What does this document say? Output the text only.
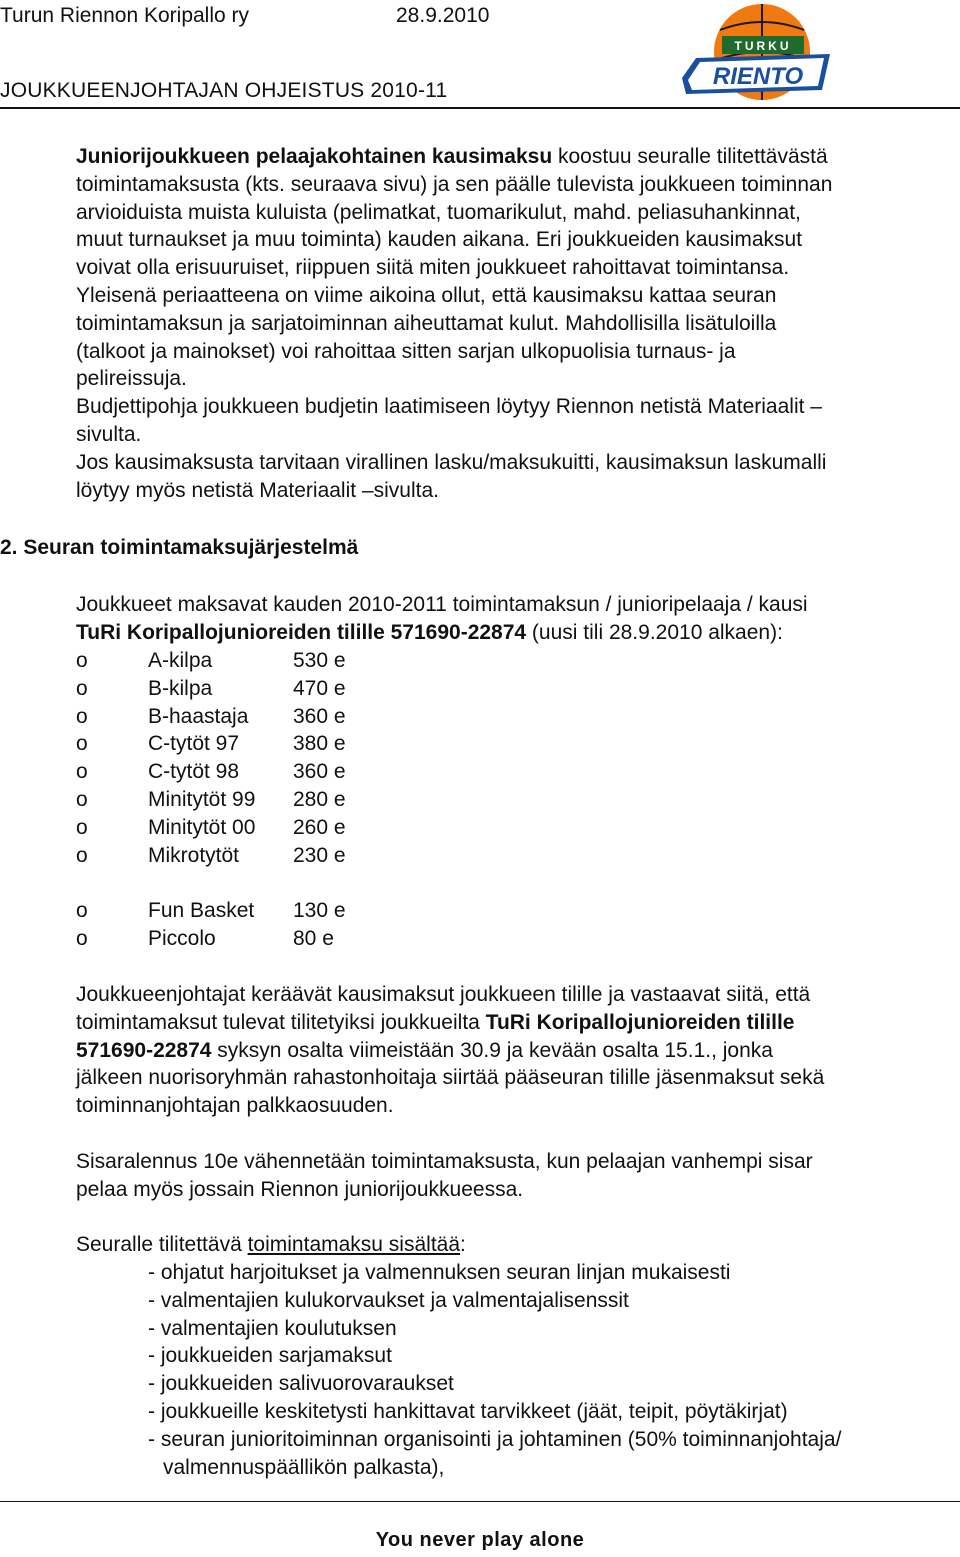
Turun Riennon Koripallo ry	28.9.2010
JOUKKUEENJOHTAJAN OHJEISTUS 2010-11
TURKU
RIENTO
Juniorijoukkueen pelaajakohtainen kausimaksu koostuu seuralle tilitettävästä
toimintamaksusta (kts. seuraava sivu) ja sen päälle tulevista joukkueen toiminnan
arvioiduista muista kuluista (pelimatkat, tuomarikulut, mahd. peliasuhankinnat,
muut turnaukset ja muu toiminta) kauden aikana. Eri joukkueiden kausimaksut
voivat olla erisuuruiset, riippuen siitä miten joukkueet rahoittavat toimintansa.
Yleisenä periaatteena on viime aikoina ollut, että kausimaksu kattaa seuran
toimintamaksun ja sarjatoiminnan aiheuttamat kulut. Mahdollisilla lisätuloilla
(talkoot ja mainokset) voi rahoittaa sitten sarjan ulkopuolisia turnaus- ja
pelireissuja.
Budjettipohja joukkueen budjetin laatimiseen löytyy Riennon netistä Materiaalit –
sivulta.
Jos kausimaksusta tarvitaan virallinen lasku/maksukuitti, kausimaksun laskumalli
löytyy myös netistä Materiaalit –sivulta.
2. Seuran toimintamaksujärjestelmä
Joukkueet maksavat kauden 2010-2011 toimintamaksun / junioripelaaja / kausi
TuRi Koripallojunioreiden tilille 571690-22874 (uusi tili 28.9.2010 alkaen):
o	A-kilpa	530 e
o	B-kilpa	470 e
o	B-haastaja 360 e
o	C-tytöt 97	380 e
o	C-tytöt 98	360 e
o	Minitytöt 99 280 e
o	Minitytöt 00 260 e
o	Mikrotytöt	230 e
o	Fun Basket 130 e
o	Piccolo	80 e
Joukkueenjohtajat keräävät kausimaksut joukkueen tilille ja vastaavat siitä, että
toimintamaksut tulevat tilitetyiksi joukkueilta TuRi Koripallojunioreiden tilille
571690-22874 syksyn osalta viimeistään 30.9 ja kevään osalta 15.1., jonka
jälkeen nuorisoryhmän rahastonhoitaja siirtää pääseuran tilille jäsenmaksut sekä
toiminnanjohtajan palkkaosuuden.
Sisaralennus 10e vähennetään toimintamaksusta, kun pelaajan vanhempi sisar
pelaa myös jossain Riennon juniorijoukkueessa.
Seuralle tilitettävä toimintamaksu sisältää:
- ohjatut harjoitukset ja valmennuksen seuran linjan mukaisesti
- valmentajien kulukorvaukset ja valmentajalisenssit
- valmentajien koulutuksen
- joukkueiden sarjamaksut
- joukkueiden salivuorovaraukset
- joukkueille keskitetysti hankittavat tarvikkeet (jäät, teipit, pöytäkirjat)
- seuran junioritoiminnan organisointi ja johtaminen (50% toiminnanjohtaja/
valmennuspäällikön palkasta),
You never play alone
